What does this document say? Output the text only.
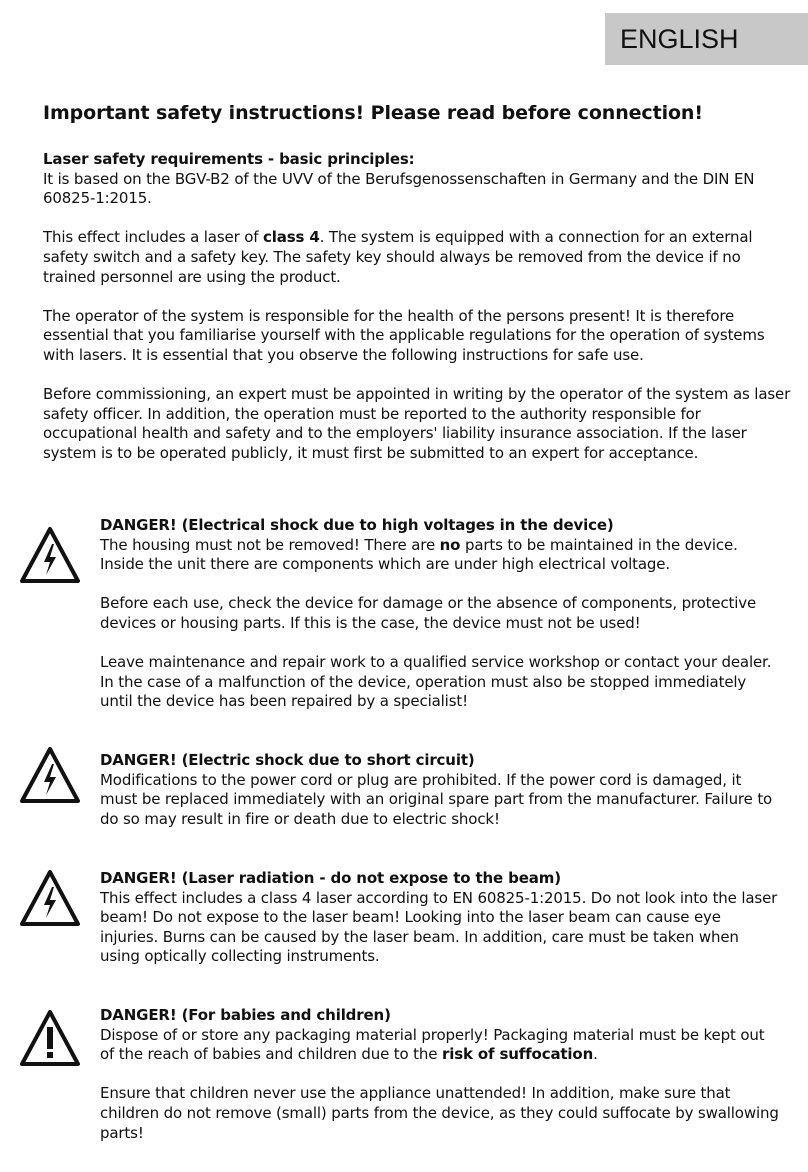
ENGLISH
Important safety instructions! Please read before connection!

Laser safety requirements - basic principles:

It is based on the BGV-B2 of the UVV of the Berufsgenossenschaften in Germany and the DIN EN 60825-1:2015.

This effect includes a laser of class 4. The system is equipped with a connection for an external safety switch and a safety key. The safety key should always be removed from the device if no trained personnel are using the product.

The operator of the system is responsible for the health of the persons present! It is therefore essential that you familiarise yourself with the applicable regulations for the operation of systems with lasers. It is essential that you observe the following instructions for safe use.

Before commissioning, an expert must be appointed in writing by the operator of the system as laser safety officer. In addition, the operation must be reported to the authority responsible for occupational health and safety and to the employers' liability insurance association. If the laser system is to be operated publicly, it must first be submitted to an expert for acceptance.

DANGER! (Electrical shock due to high voltages in the device)

The housing must not be removed! There are no parts to be maintained in the device. Inside the unit there are components which are under high electrical voltage.

Before each use, check the device for damage or the absence of components, protective devices or housing parts. If this is the case, the device must not be used!

Leave maintenance and repair work to a qualified service workshop or contact your dealer. In the case of a malfunction of the device, operation must also be stopped immediately until the device has been repaired by a specialist!

DANGER! (Electric shock due to short circuit)

Modifications to the power cord or plug are prohibited. If the power cord is damaged, it must be replaced immediately with an original spare part from the manufacturer. Failure to do so may result in fire or death due to electric shock!

DANGER! (Laser radiation - do not expose to the beam)

This effect includes a class 4 laser according to EN 60825-1:2015. Do not look into the laser beam! Do not expose to the laser beam! Looking into the laser beam can cause eye injuries. Burns can be caused by the laser beam. In addition, care must be taken when using optically collecting instruments.

DANGER! (For babies and children)

Dispose of or store any packaging material properly! Packaging material must be kept out of the reach of babies and children due to the risk of suffocation.

Ensure that children never use the appliance unattended! In addition, make sure that children do not remove (small) parts from the device, as they could suffocate by swallowing parts!
